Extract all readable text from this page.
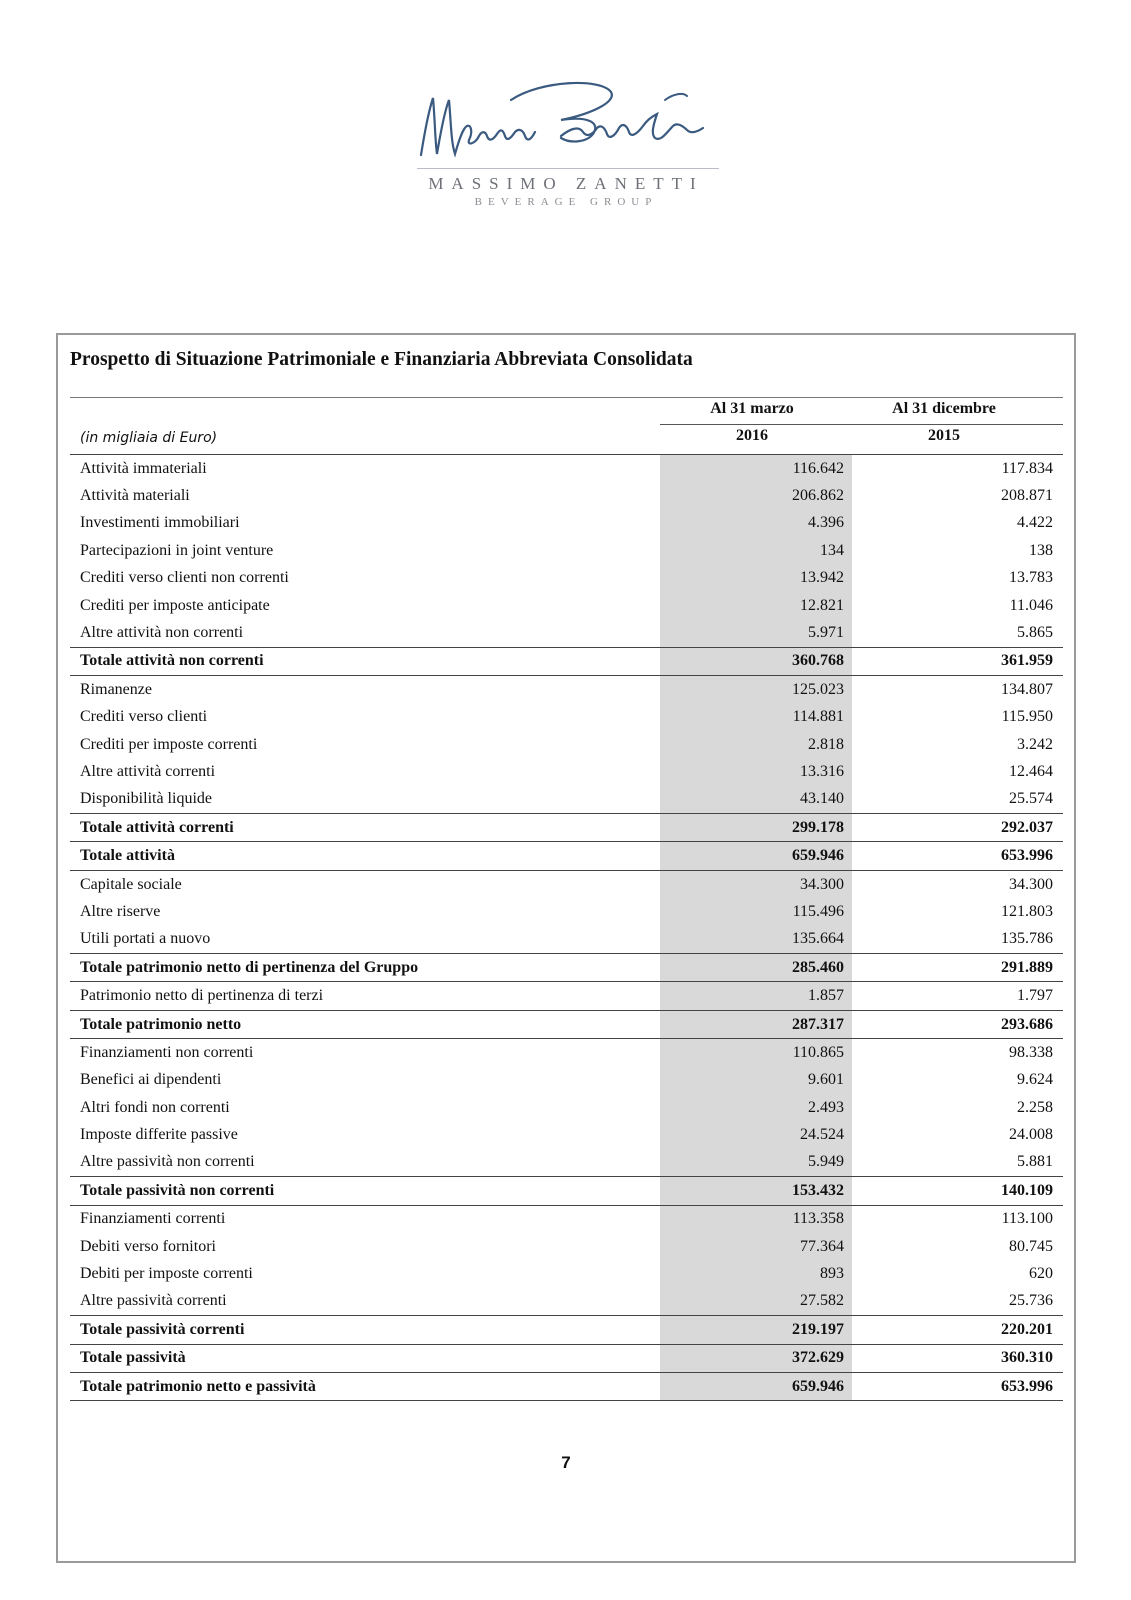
MASSIMO ZANETTI
BEVERAGE GROUP
Prospetto di Situazione Patrimoniale e Finanziaria Abbreviata Consolidata
Al 31 marzo	Al 31 dicembre
(in migliaia di Euro)	2016	2015
Attività immateriali	116.642	117.834
Attività materiali	206.862	208.871
Investimenti immobiliari	4.396	4.422
Partecipazioni in joint venture	134	138
Crediti verso clienti non correnti	13.942	13.783
Crediti per imposte anticipate	12.821	11.046
Altre attività non correnti	5.971	5.865
Totale attività non correnti	360.768	361.959
Rimanenze	125.023	134.807
Crediti verso clienti	114.881	115.950
Crediti per imposte correnti	2.818	3.242
Altre attività correnti	13.316	12.464
Disponibilità liquide	43.140	25.574
Totale attività correnti	299.178	292.037
Totale attività	659.946	653.996
Capitale sociale	34.300	34.300
Altre riserve	115.496	121.803
Utili portati a nuovo	135.664	135.786
Totale patrimonio netto di pertinenza del Gruppo	285.460	291.889
Patrimonio netto di pertinenza di terzi	1.857	1.797
Totale patrimonio netto	287.317	293.686
Finanziamenti non correnti	110.865	98.338
Benefici ai dipendenti	9.601	9.624
Altri fondi non correnti	2.493	2.258
Imposte differite passive	24.524	24.008
Altre passività non correnti	5.949	5.881
Totale passività non correnti	153.432	140.109
Finanziamenti correnti	113.358	113.100
Debiti verso fornitori	77.364	80.745
Debiti per imposte correnti	893	620
Altre passività correnti	27.582	25.736
Totale passività correnti	219.197	220.201
Totale passività	372.629	360.310
Totale patrimonio netto e passività	659.946	653.996
7
